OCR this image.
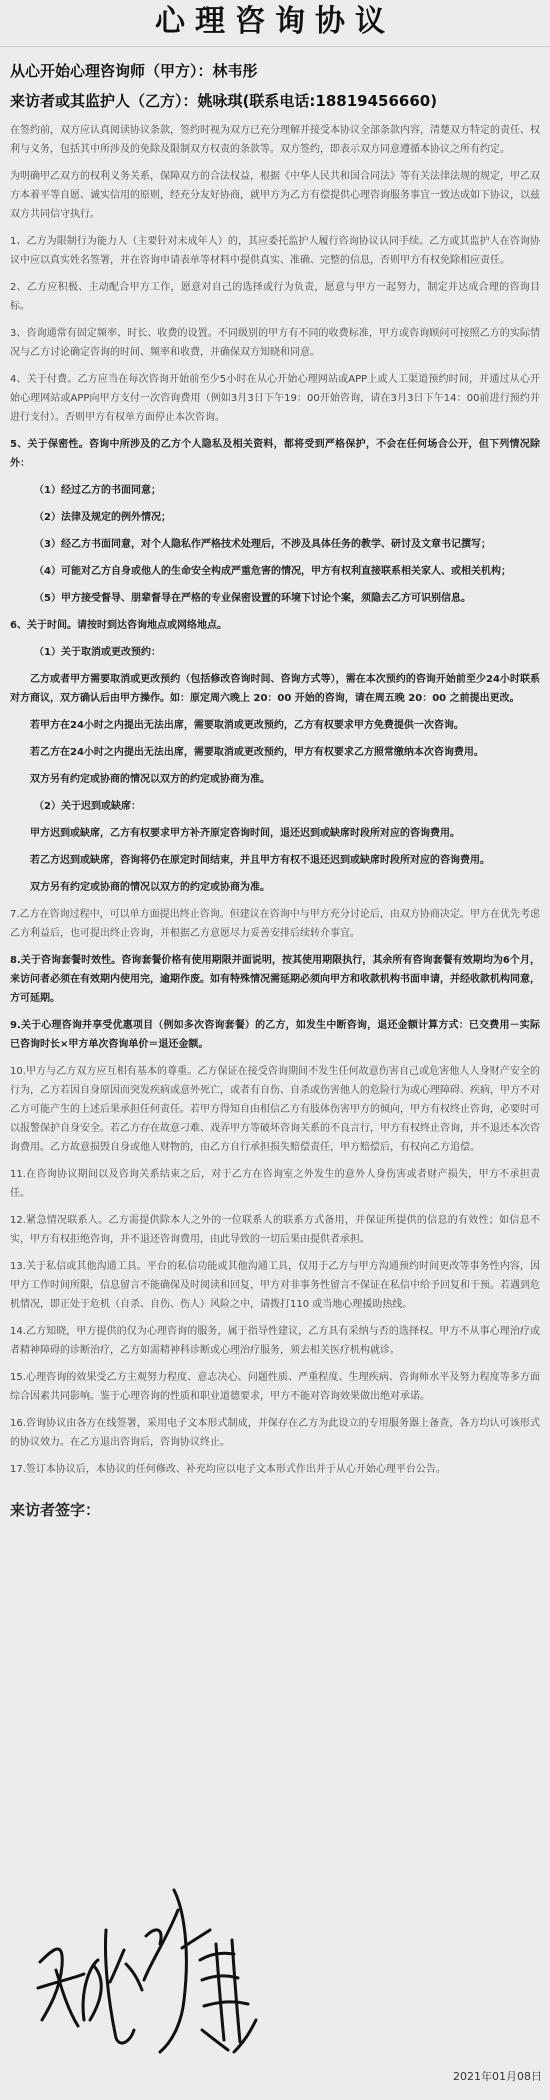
心理咨询协议
从心开始心理咨询师（甲方）：林韦彤
来访者或其监护人（乙方）：姚咏琪(联系电话:18819456660)

在签约前，双方应认真阅读协议条款，签约时视为双方已充分理解并接受本协议全部条款内容，清楚双方特定的责任、权利与义务，包括其中所涉及的免除及限制双方权责的条款等。双方签约，即表示双方同意遵循本协议之所有约定。

为明确甲乙双方的权利义务关系，保障双方的合法权益，根据《中华人民共和国合同法》等有关法律法规的规定，甲乙双方本着平等自愿、诚实信用的原则，经充分友好协商，就甲方为乙方有偿提供心理咨询服务事宜一致达成如下协议，以兹双方共同信守执行。

1、乙方为限制行为能力人（主要针对未成年人）的，其应委托监护人履行咨询协议认同手续。乙方或其监护人在咨询协议中应以真实姓名签署，并在咨询申请表单等材料中提供真实、准确、完整的信息，否则甲方有权免除相应责任。

2、乙方应积极、主动配合甲方工作，愿意对自己的选择或行为负责，愿意与甲方一起努力，制定并达成合理的咨询目标。

3、咨询通常有固定频率、时长、收费的设置。不同级别的甲方有不同的收费标准，甲方或咨询顾问可按照乙方的实际情况与乙方讨论确定咨询的时间、频率和收费，并确保双方知晓和同意。

4、关于付费。乙方应当在每次咨询开始前至少5小时在从心开始心理网站或APP上或人工渠道预约时间，并通过从心开始心理网站或APP向甲方支付一次咨询费用（例如3月3日下午19：00开始咨询，请在3月3日下午14：00前进行预约并进行支付）。否则甲方有权单方面停止本次咨询。

5、关于保密性。咨询中所涉及的乙方个人隐私及相关资料，都将受到严格保护，不会在任何场合公开，但下列情况除外：

（1）经过乙方的书面同意；

（2）法律及规定的例外情况；

（3）经乙方书面同意，对个人隐私作严格技术处理后，不涉及具体任务的教学、研讨及文章书记撰写；

（4）可能对乙方自身或他人的生命安全构成严重危害的情况，甲方有权利直接联系相关家人、或相关机构；

（5）甲方接受督导、朋辈督导在严格的专业保密设置的环境下讨论个案，须隐去乙方可识别信息。

6、关于时间。请按时到达咨询地点或网络地点。

（1）关于取消或更改预约：

乙方或者甲方需要取消或更改预约（包括修改咨询时间、咨询方式等），需在本次预约的咨询开始前至少24小时联系对方商议，双方确认后由甲方操作。如：原定周六晚上 20：00 开始的咨询，请在周五晚 20：00 之前提出更改。

若甲方在24小时之内提出无法出席，需要取消或更改预约，乙方有权要求甲方免费提供一次咨询。

若乙方在24小时之内提出无法出席，需要取消或更改预约，甲方有权要求乙方照常缴纳本次咨询费用。

双方另有约定或协商的情况以双方的约定或协商为准。

（2）关于迟到或缺席：

甲方迟到或缺席，乙方有权要求甲方补齐原定咨询时间，退还迟到或缺席时段所对应的咨询费用。

若乙方迟到或缺席，咨询将仍在原定时间结束，并且甲方有权不退还迟到或缺席时段所对应的咨询费用。

双方另有约定或协商的情况以双方的约定或协商为准。

7.乙方在咨询过程中，可以单方面提出终止咨询。但建议在咨询中与甲方充分讨论后，由双方协商决定。甲方在优先考虑乙方利益后，也可提出终止咨询，并根据乙方意愿尽力妥善安排后续转介事宜。

8.关于咨询套餐时效性。咨询套餐价格有使用期限并面说明，按其使用期限执行，其余所有咨询套餐有效期均为6个月，来访问者必须在有效期内使用完，逾期作废。如有特殊情况需延期必须向甲方和收款机构书面申请，并经收款机构同意，方可延期。

9.关于心理咨询并享受优惠项目（例如多次咨询套餐）的乙方，如发生中断咨询，退还金额计算方式：已交费用－实际已咨询时长×甲方单次咨询单价＝退还金额。

10.甲方与乙方双方应互相有基本的尊重。乙方保证在接受咨询期间不发生任何故意伤害自己或危害他人人身财产安全的行为，乙方若因自身原因而突发疾病或意外死亡，或者有自伤、自杀或伤害他人的危险行为或心理障碍、疾病，甲方不对乙方可能产生的上述后果承担任何责任。若甲方得知自由相信乙方有肢体伤害甲方的倾向，甲方有权终止咨询，必要时可以报警保护自身安全。若乙方存在故意刁难、戏弄甲方等破坏咨询关系的不良言行，甲方有权终止咨询，并不退还本次咨询费用。乙方故意损毁自身或他人财物的，由乙方自行承担损失赔偿责任，甲方赔偿后，有权向乙方追偿。

11.在咨询协议期间以及咨询关系结束之后，对于乙方在咨询室之外发生的意外人身伤害或者财产损失，甲方不承担责任。

12.紧急情况联系人。乙方需提供除本人之外的一位联系人的联系方式备用，并保证所提供的信息的有效性；如信息不实，甲方有权拒绝咨询，并不退还咨询费用，由此导致的一切后果由提供者承担。

13.关于私信或其他沟通工具。平台的私信功能或其他沟通工具，仅用于乙方与甲方沟通预约时间更改等事务性内容，因甲方工作时间所限，信息留言不能确保及时阅读和回复，甲方对非事务性留言不保证在私信中给予回复和干预。若遇到危机情况，即正处于危机（自杀、自伤、伤人）风险之中，请拨打110 或当地心理援助热线。

14.乙方知晓，甲方提供的仅为心理咨询的服务，属于指导性建议，乙方具有采纳与否的选择权。甲方不从事心理治疗或者精神障碍的诊断治疗，乙方如需精神科诊断或心理治疗服务，须去相关医疗机构就诊。

15.心理咨询的效果受乙方主观努力程度、意志决心、问题性质、严重程度、生理疾病、咨询师水平及努力程度等多方面综合因素共同影响。鉴于心理咨询的性质和职业道德要求，甲方不能对咨询效果做出绝对承诺。

16.咨询协议由各方在线签署，采用电子文本形式制成，并保存在乙方为此设立的专用服务器上备查，各方均认可该形式的协议效力。在乙方退出咨询后，咨询协议终止。

17.签订本协议后，本协议的任何修改、补充均应以电子文本形式作出并于从心开始心理平台公告。

来访者签字：
2021年01月08日
